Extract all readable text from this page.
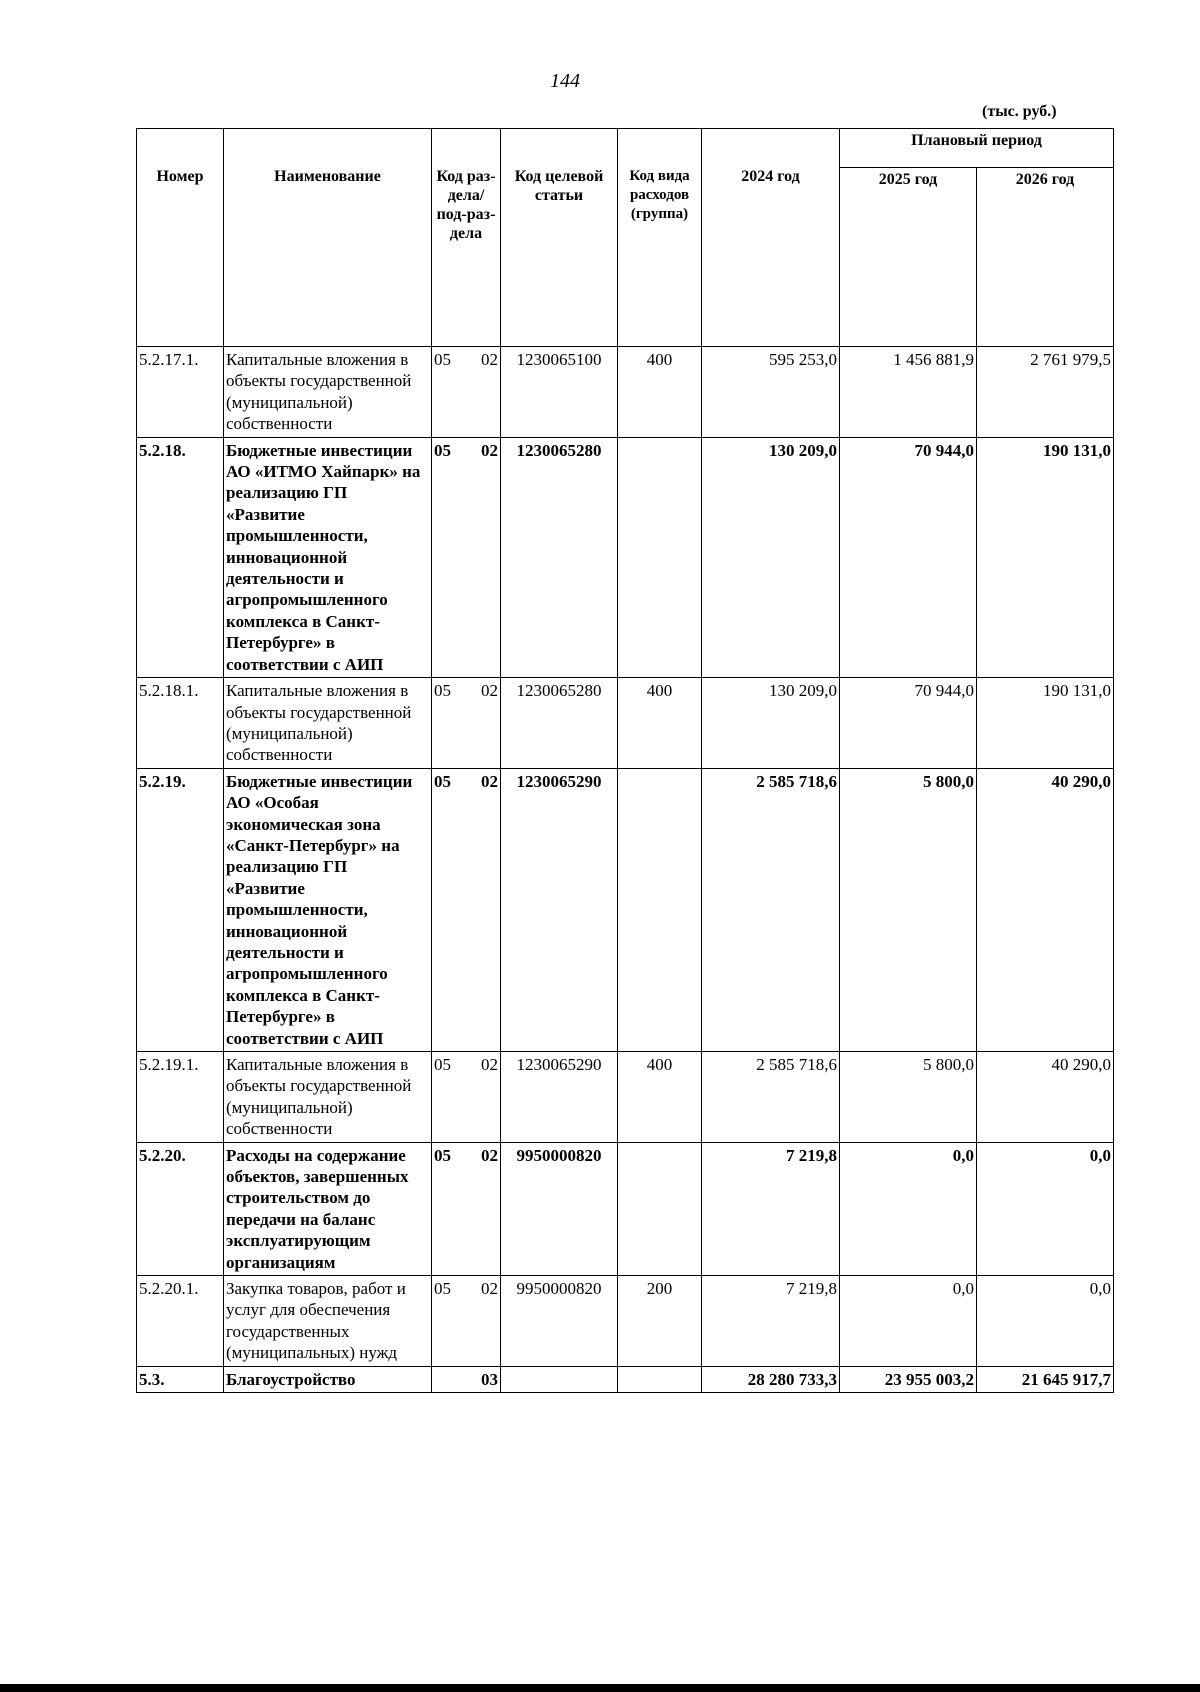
144
(тыс. руб.)
Номер	Наименование	Код раз-дела/ под-раз-дела	Код целевой статьи	Код вида расходов (группа)	2024 год	Плановый период	
						2025 год	2026 год
5.2.17.1.	Капитальные вложения в объекты государственной (муниципальной) собственности	05 02	1230065100	400	595 253,0	1 456 881,9	2 761 979,5
5.2.18.	Бюджетные инвестиции АО «ИТМО Хайпарк» на реализацию ГП «Развитие промышленности, инновационной деятельности и агропромышленного комплекса в Санкт-Петербурге» в соответствии с АИП	05 02	1230065280		130 209,0	70 944,0	190 131,0
5.2.18.1.	Капитальные вложения в объекты государственной (муниципальной) собственности	05 02	1230065280	400	130 209,0	70 944,0	190 131,0
5.2.19.	Бюджетные инвестиции АО «Особая экономическая зона «Санкт-Петербург» на реализацию ГП «Развитие промышленности, инновационной деятельности и агропромышленного комплекса в Санкт-Петербурге» в соответствии с АИП	05 02	1230065290		2 585 718,6	5 800,0	40 290,0
5.2.19.1.	Капитальные вложения в объекты государственной (муниципальной) собственности	05 02	1230065290	400	2 585 718,6	5 800,0	40 290,0
5.2.20.	Расходы на содержание объектов, завершенных строительством до передачи на баланс эксплуатирующим организациям	05 02	9950000820		7 219,8	0,0	0,0
5.2.20.1.	Закупка товаров, работ и услуг для обеспечения государственных (муниципальных) нужд	05 02	9950000820	200	7 219,8	0,0	0,0
5.3.	Благоустройство	03			28 280 733,3	23 955 003,2	21 645 917,7
